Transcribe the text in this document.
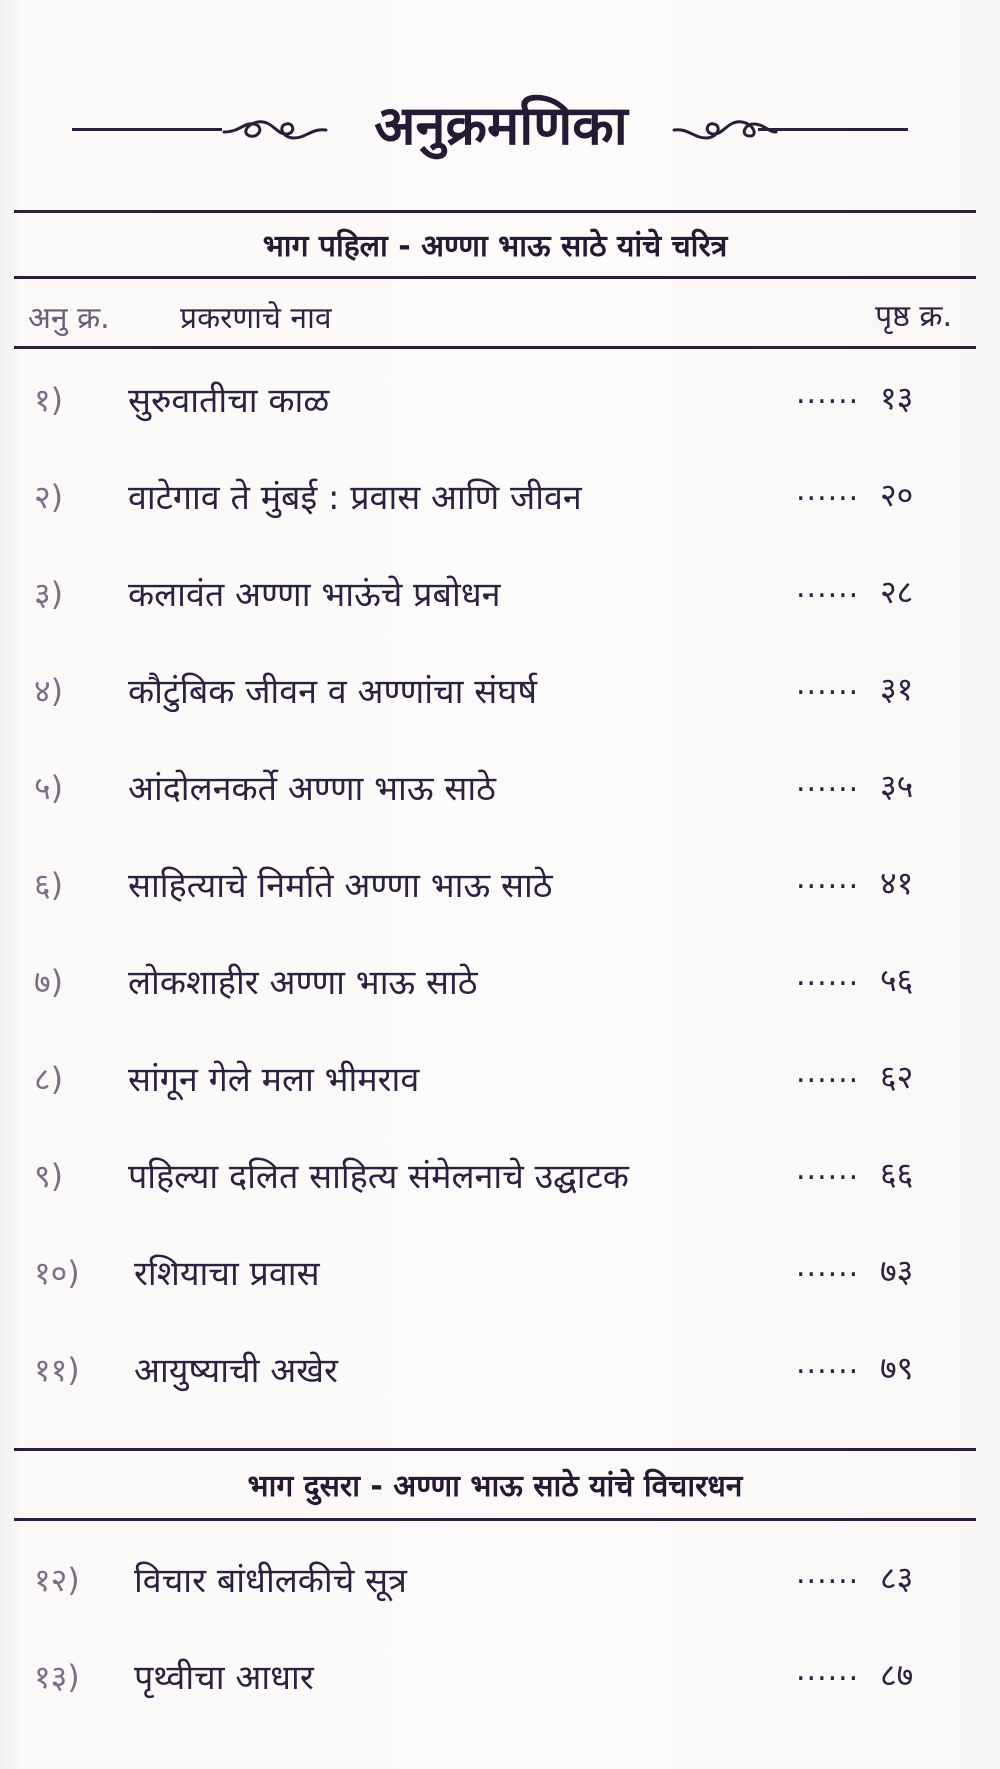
अनुक्रमणिका
भाग पहिला - अण्णा भाऊ साठे यांचे चरित्र
अनु क्र. प्रकरणाचे नाव	पृष्ठ क्र.
१) सुरुवातीचा काळ	...... १३
२) वाटेगाव ते मुंबई : प्रवास आणि जीवन	...... २०
३) कलावंत अण्णा भाऊंचे प्रबोधन	...... २८
४) कौटुंबिक जीवन व अण्णांचा संघर्ष	...... ३१
५) आंदोलनकर्ते अण्णा भाऊ साठे	...... ३५
६) साहित्याचे निर्माते अण्णा भाऊ साठे	...... ४१
७) लोकशाहीर अण्णा भाऊ साठे	...... ५६
८) सांगून गेले मला भीमराव	...... ६२
९) पहिल्या दलित साहित्य संमेलनाचे उद्घाटक	...... ६६
१०) रशियाचा प्रवास	...... ७३
११) आयुष्याची अखेर	...... ७९
भाग दुसरा - अण्णा भाऊ साठे यांचे विचारधन
१२) विचार बांधीलकीचे सूत्र	...... ८३
१३) पृथ्वीचा आधार	...... ८७
